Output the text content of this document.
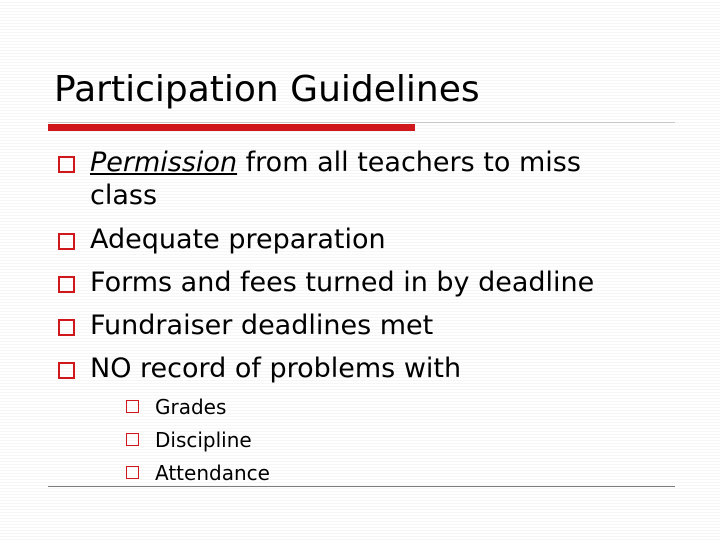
Participation Guidelines
Permission from all teachers to miss
class
Adequate preparation
Forms and fees turned in by deadline
Fundraiser deadlines met
NO record of problems with
Grades
Discipline
Attendance
